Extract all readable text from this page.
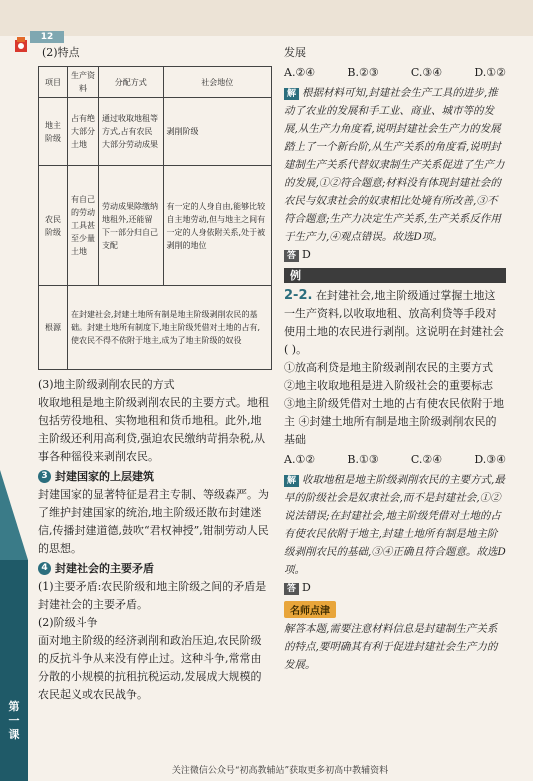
12
第一课
(2)特点
项目	生产资料	分配方式	社会地位
地主阶级	占有绝大部分土地	通过收取地租等方式,占有农民大部分劳动成果	剥削阶级
农民阶级	有自己的劳动工具甚至少量土地	劳动成果除缴纳地租外,还能留下一部分归自己支配	有一定的人身自由,能够比较自主地劳动,但与地主之间有一定的人身依附关系,处于被剥削的地位
根源	在封建社会,封建土地所有制是地主阶级剥削农民的基础。封建土地所有制度下,地主阶级凭借对土地的占有,使农民不得不依附于地主,成为了地主阶级的奴役		

(3)地主阶级剥削农民的方式

收取地租是地主阶级剥削农民的主要方式。地租包括劳役地租、实物地租和货币地租。此外,地主阶级还利用高利贷,强迫农民缴纳苛捐杂税,从事各种徭役来剥削农民。

3 封建国家的上层建筑

封建国家的显著特征是君主专制、等级森严。为了维护封建国家的统治,地主阶级还散布封建迷信,传播封建道德,鼓吹“君权神授”,钳制劳动人民的思想。

4 封建社会的主要矛盾

(1)主要矛盾:农民阶级和地主阶级之间的矛盾是封建社会的主要矛盾。

(2)阶级斗争

面对地主阶级的经济剥削和政治压迫,农民阶级的反抗斗争从来没有停止过。这种斗争,常常由分散的小规模的抗租抗税运动,发展成大规模的农民起义或农民战争。

发展

A.②④	B.②③	C.③④	D.①②

解 根据材料可知,封建社会生产工具的进步,推动了农业的发展和手工业、商业、城市等的发展,从生产力角度看,说明封建社会生产力的发展踏上了一个新台阶,从生产关系的角度看,说明封建制生产关系代替奴隶制生产关系促进了生产力的发展,①②符合题意;材料没有体现封建社会的农民与奴隶社会的奴隶相比处境有所改善,③不符合题意;生产力决定生产关系,生产关系反作用于生产力,④观点错误。故选D项。

答 D

例

2-2. 在封建社会,地主阶级通过掌握土地这一生产资料,以收取地租、放高利贷等手段对使用土地的农民进行剥削。这说明在封建社会( )。

①放高利贷是地主阶级剥削农民的主要方式 ②地主收取地租是进入阶级社会的重要标志 ③地主阶级凭借对土地的占有使农民依附于地主 ④封建土地所有制是地主阶级剥削农民的基础

A.①②	B.①③	C.②④	D.③④

解 收取地租是地主阶级剥削农民的主要方式,最早的阶级社会是奴隶社会,而不是封建社会,①②说法错误;在封建社会,地主阶级凭借对土地的占有使农民依附于地主,封建土地所有制是地主阶级剥削农民的基础,③④正确且符合题意。故选D项。

答 D

名师点津

解答本题,需要注意材料信息是封建制生产关系的特点,要明确其有利于促进封建社会生产力的发展。

关注微信公众号“初高教辅站”获取更多初高中教辅资料
